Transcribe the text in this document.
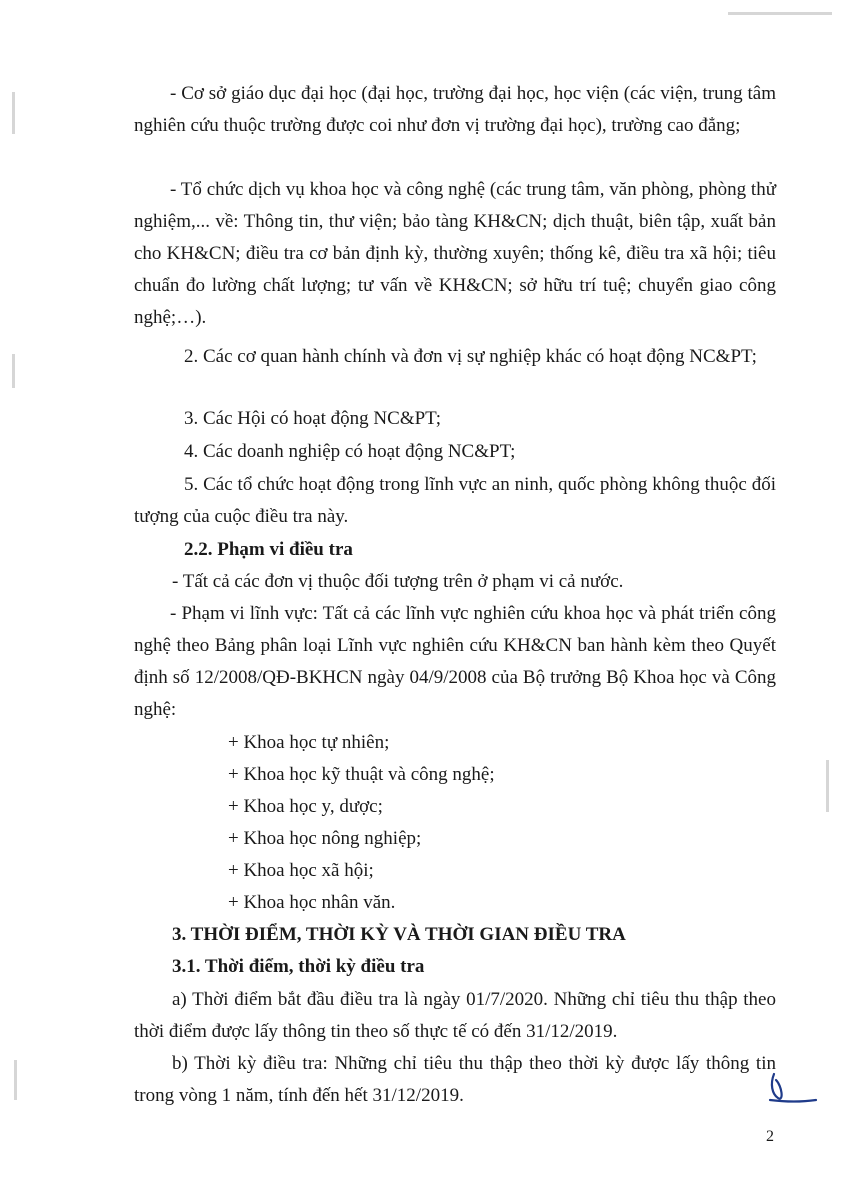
- Cơ sở giáo dục đại học (đại học, trường đại học, học viện (các viện, trung tâm nghiên cứu thuộc trường được coi như đơn vị trường đại học), trường cao đẳng;

- Tổ chức dịch vụ khoa học và công nghệ (các trung tâm, văn phòng, phòng thử nghiệm,... về: Thông tin, thư viện; bảo tàng KH&CN; dịch thuật, biên tập, xuất bản cho KH&CN; điều tra cơ bản định kỳ, thường xuyên; thống kê, điều tra xã hội; tiêu chuẩn đo lường chất lượng; tư vấn về KH&CN; sở hữu trí tuệ; chuyển giao công nghệ;…).

2. Các cơ quan hành chính và đơn vị sự nghiệp khác có hoạt động NC&PT;

3. Các Hội có hoạt động NC&PT;

4. Các doanh nghiệp có hoạt động NC&PT;

5. Các tổ chức hoạt động trong lĩnh vực an ninh, quốc phòng không thuộc đối tượng của cuộc điều tra này.

2.2. Phạm vi điều tra

- Tất cả các đơn vị thuộc đối tượng trên ở phạm vi cả nước.

- Phạm vi lĩnh vực: Tất cả các lĩnh vực nghiên cứu khoa học và phát triển công nghệ theo Bảng phân loại Lĩnh vực nghiên cứu KH&CN ban hành kèm theo Quyết định số 12/2008/QĐ-BKHCN ngày 04/9/2008 của Bộ trưởng Bộ Khoa học và Công nghệ:

+ Khoa học tự nhiên;

+ Khoa học kỹ thuật và công nghệ;

+ Khoa học y, dược;

+ Khoa học nông nghiệp;

+ Khoa học xã hội;

+ Khoa học nhân văn.

3. THỜI ĐIỂM, THỜI KỲ VÀ THỜI GIAN ĐIỀU TRA

3.1. Thời điểm, thời kỳ điều tra

a) Thời điểm bắt đầu điều tra là ngày 01/7/2020. Những chỉ tiêu thu thập theo thời điểm được lấy thông tin theo số thực tế có đến 31/12/2019.

b) Thời kỳ điều tra: Những chỉ tiêu thu thập theo thời kỳ được lấy thông tin trong vòng 1 năm, tính đến hết 31/12/2019.

2
